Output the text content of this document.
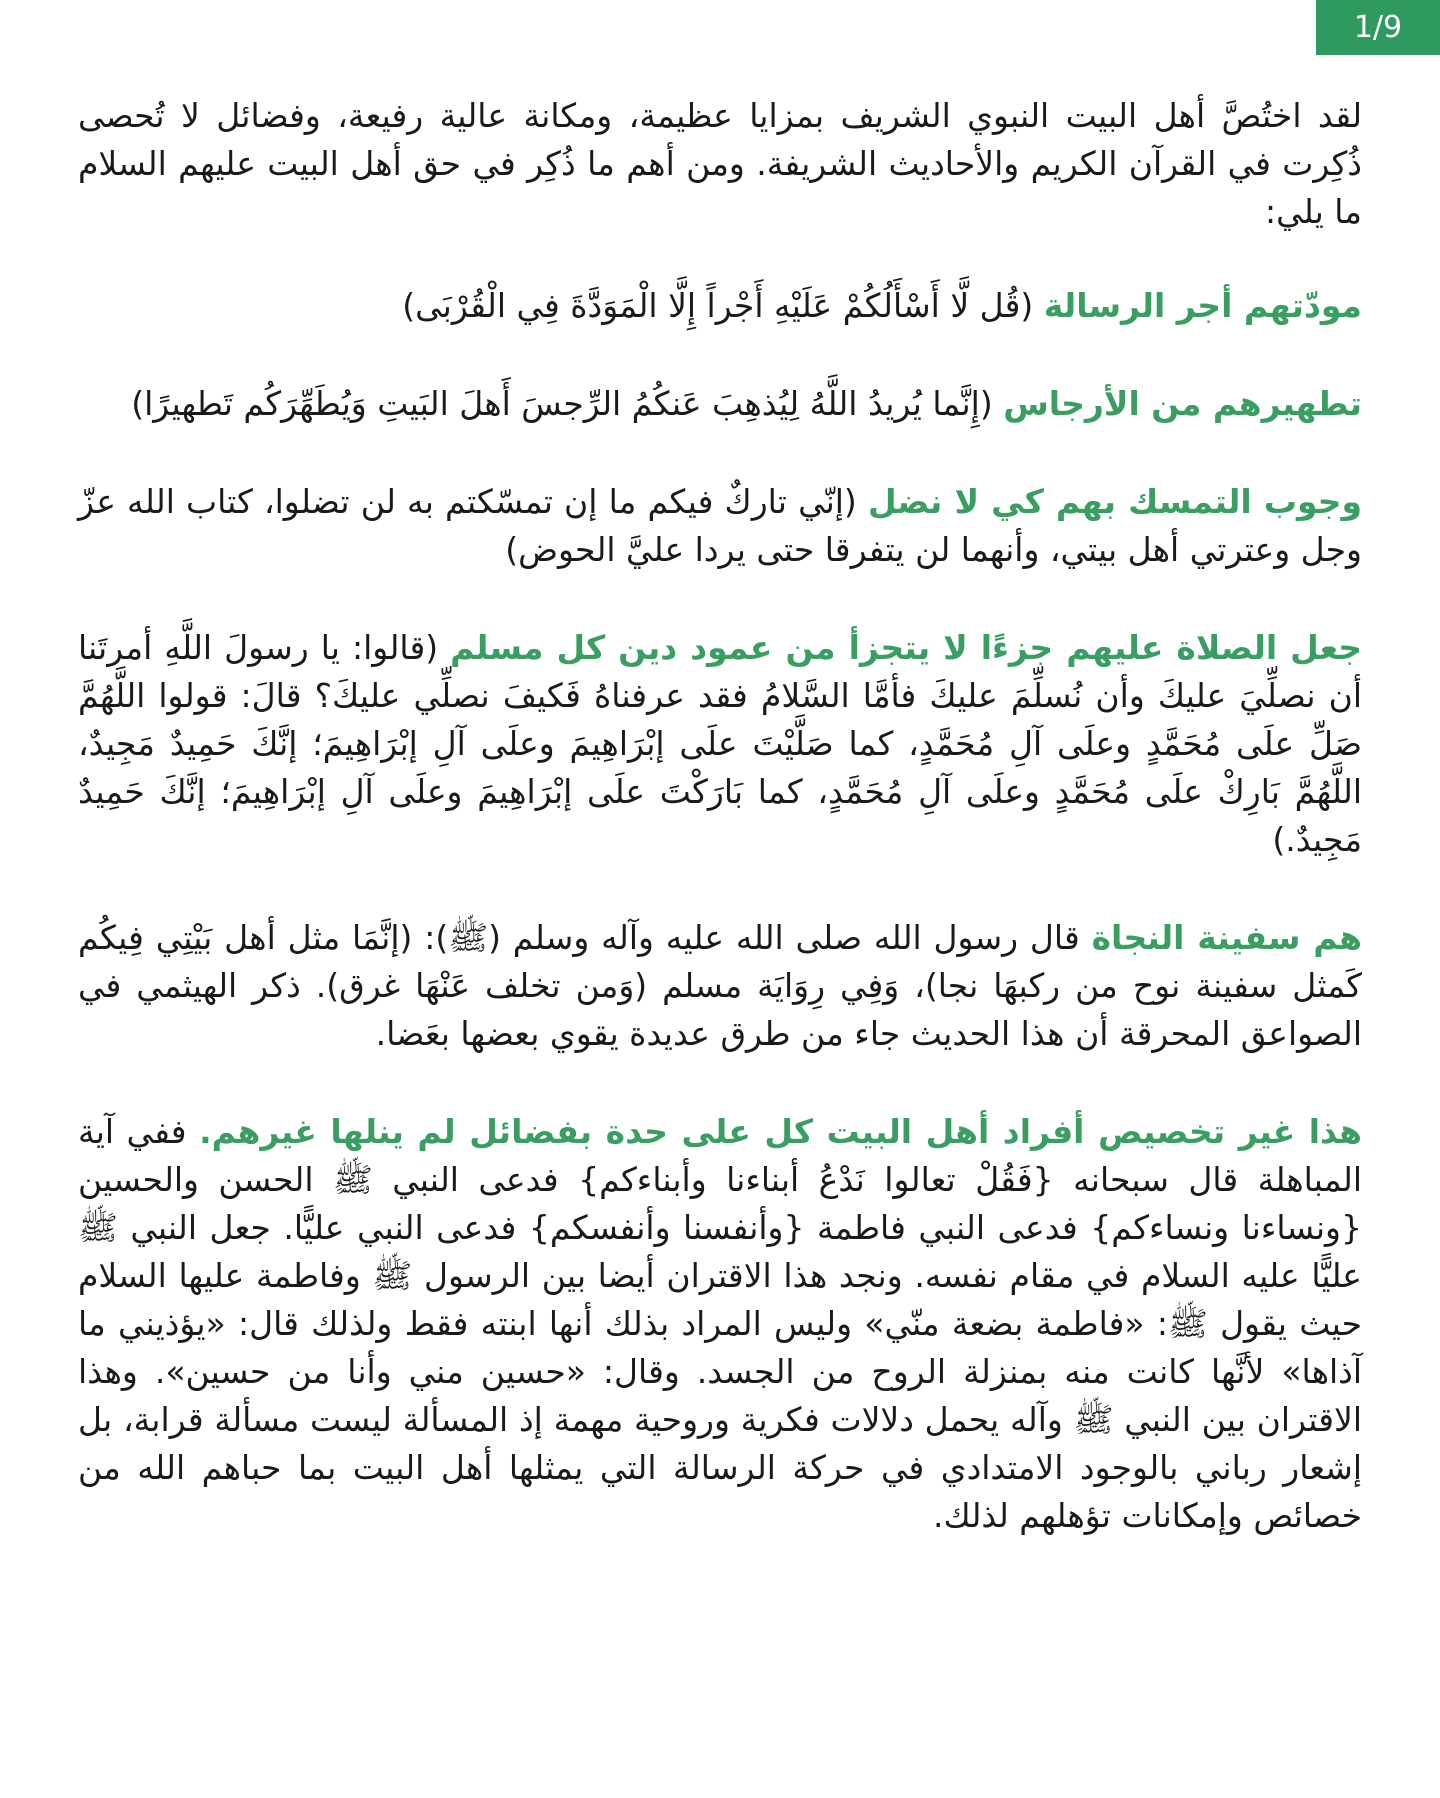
1/9

لقد اختُصَّ أهل البيت النبوي الشريف بمزايا عظيمة، ومكانة عالية رفيعة، وفضائل لا تُحصى ذُكِرت في القرآن الكريم والأحاديث الشريفة. ومن أهم ما ذُكِر في حق أهل البيت عليهم السلام ما يلي:

مودّتهم أجر الرسالة (قُل لَّا أَسْأَلُكُمْ عَلَيْهِ أَجْراً إِلَّا الْمَوَدَّةَ فِي الْقُرْبَى)

تطهيرهم من الأرجاس (إِنَّما يُريدُ اللَّهُ لِيُذهِبَ عَنكُمُ الرِّجسَ أَهلَ البَيتِ وَيُطَهِّرَكُم تَطهيرًا)

وجوب التمسك بهم كي لا نضل (إنّي تاركٌ فيكم ما إن تمسّكتم به لن تضلوا، كتاب الله عزّ وجل وعترتي أهل بيتي، وأنهما لن يتفرقا حتى يردا عليَّ الحوض)

جعل الصلاة عليهم جزءًا لا يتجزأ من عمود دين كل مسلم (قالوا: يا رسولَ اللَّهِ أمرتَنا أن نصلِّيَ عليكَ وأن نُسلِّمَ عليكَ فأمَّا السَّلامُ فقد عرفناهُ فَكيفَ نصلِّي عليكَ؟ قالَ: قولوا اللَّهُمَّ صَلِّ علَى مُحَمَّدٍ وعلَى آلِ مُحَمَّدٍ، كما صَلَّيْتَ علَى إبْرَاهِيمَ وعلَى آلِ إبْرَاهِيمَ؛ إنَّكَ حَمِيدٌ مَجِيدٌ، اللَّهُمَّ بَارِكْ علَى مُحَمَّدٍ وعلَى آلِ مُحَمَّدٍ، كما بَارَكْتَ علَى إبْرَاهِيمَ وعلَى آلِ إبْرَاهِيمَ؛ إنَّكَ حَمِيدٌ مَجِيدٌ.)

هم سفينة النجاة قال رسول الله صلى الله عليه وآله وسلم (ﷺ): (إنَّمَا مثل أهل بَيْتِي فِيكُم كَمثل سفينة نوح من ركبهَا نجا)، وَفِي رِوَايَة مسلم (وَمن تخلف عَنْهَا غرق). ذكر الهيثمي في الصواعق المحرقة أن هذا الحديث جاء من طرق عديدة يقوي بعضها بعَضا.

هذا غير تخصيص أفراد أهل البيت كل على حدة بفضائل لم ينلها غيرهم. ففي آية المباهلة قال سبحانه {فَقُلْ تعالوا نَدْعُ أبناءنا وأبناءكم} فدعى النبي ﷺ الحسن والحسين {ونساءنا ونساءكم} فدعى النبي فاطمة {وأنفسنا وأنفسكم} فدعى النبي عليًّا. جعل النبي ﷺ عليًّا عليه السلام في مقام نفسه. ونجد هذا الاقتران أيضا بين الرسول ﷺ وفاطمة عليها السلام حيث يقول ﷺ: «فاطمة بضعة منّي» وليس المراد بذلك أنها ابنته فقط ولذلك قال: «يؤذيني ما آذاها» لأنَّها كانت منه بمنزلة الروح من الجسد. وقال: «حسين مني وأنا من حسين». وهذا الاقتران بين النبي ﷺ وآله يحمل دلالات فكرية وروحية مهمة إذ المسألة ليست مسألة قرابة، بل إشعار رباني بالوجود الامتدادي في حركة الرسالة التي يمثلها أهل البيت بما حباهم الله من خصائص وإمكانات تؤهلهم لذلك.
